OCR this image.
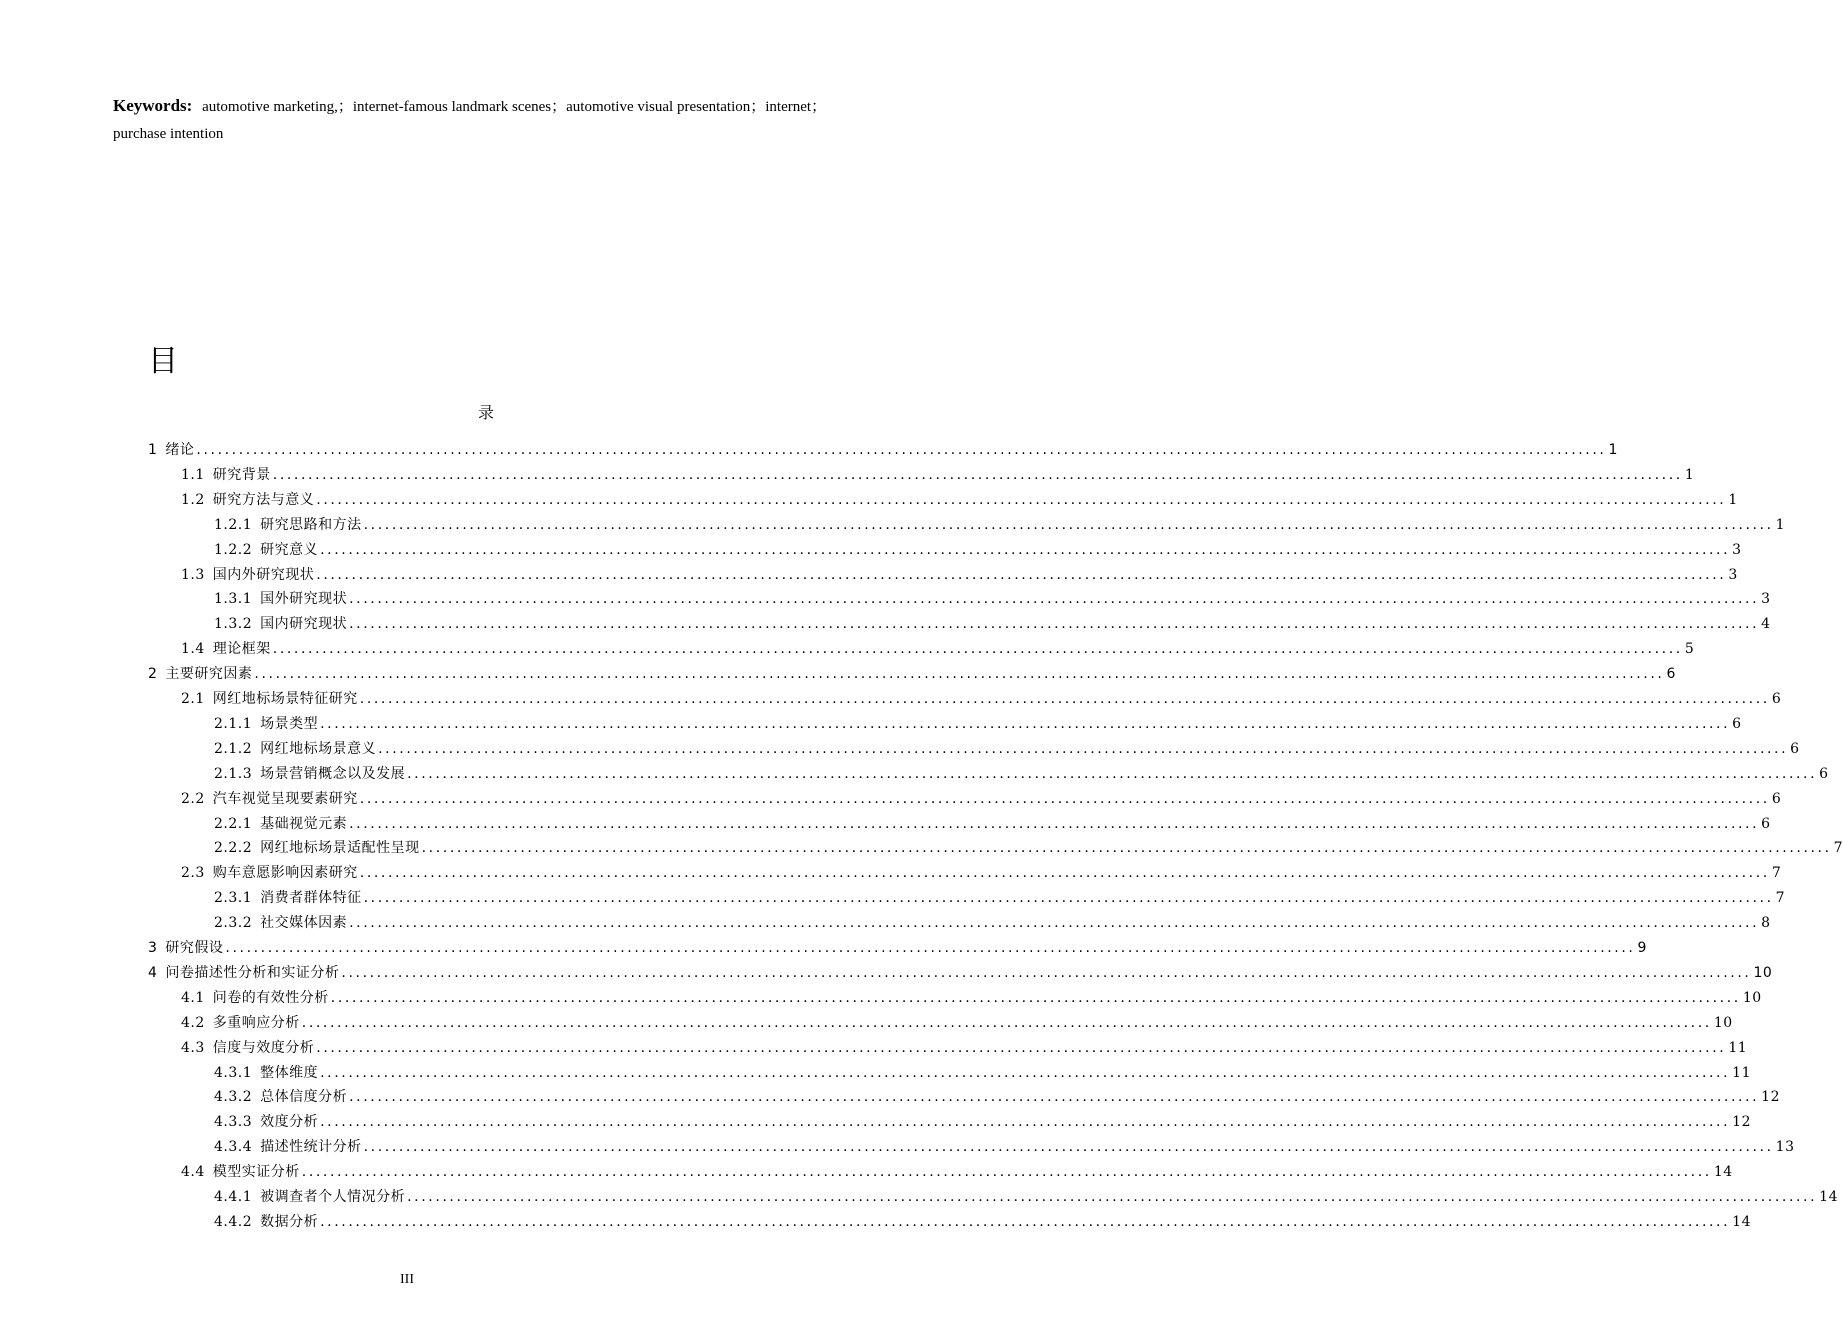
Keywords: automotive marketing,；internet-famous landmark scenes；automotive visual presentation；internet；purchase intention
目
录
1 绪论 ........................................................................................................................................................................................................ 1
1.1 研究背景 ........................................................................................................................................................................................................ 1
1.2 研究方法与意义 ........................................................................................................................................................................................................ 1
1.2.1 研究思路和方法 ........................................................................................................................................................................................................ 1
1.2.2 研究意义 ........................................................................................................................................................................................................ 3
1.3 国内外研究现状 ........................................................................................................................................................................................................ 3
1.3.1 国外研究现状 ........................................................................................................................................................................................................ 3
1.3.2 国内研究现状 ........................................................................................................................................................................................................ 4
1.4 理论框架 ........................................................................................................................................................................................................ 5
2 主要研究因素 ........................................................................................................................................................................................................ 6
2.1 网红地标场景特征研究 ........................................................................................................................................................................................................ 6
2.1.1 场景类型 ........................................................................................................................................................................................................ 6
2.1.2 网红地标场景意义 ........................................................................................................................................................................................................ 6
2.1.3 场景营销概念以及发展 ........................................................................................................................................................................................................ 6
2.2 汽车视觉呈现要素研究 ........................................................................................................................................................................................................ 6
2.2.1 基础视觉元素 ........................................................................................................................................................................................................ 6
2.2.2 网红地标场景适配性呈现 ........................................................................................................................................................................................................ 7
2.3 购车意愿影响因素研究 ........................................................................................................................................................................................................ 7
2.3.1 消费者群体特征 ........................................................................................................................................................................................................ 7
2.3.2 社交媒体因素 ........................................................................................................................................................................................................ 8
3 研究假设 ........................................................................................................................................................................................................ 9
4 问卷描述性分析和实证分析 ........................................................................................................................................................................................................ 10
4.1 问卷的有效性分析 ........................................................................................................................................................................................................ 10
4.2 多重响应分析 ........................................................................................................................................................................................................ 10
4.3 信度与效度分析 ........................................................................................................................................................................................................ 11
4.3.1 整体维度 ........................................................................................................................................................................................................ 11
4.3.2 总体信度分析 ........................................................................................................................................................................................................ 12
4.3.3 效度分析 ........................................................................................................................................................................................................ 12
4.3.4 描述性统计分析 ........................................................................................................................................................................................................ 13
4.4 模型实证分析 ........................................................................................................................................................................................................ 14
4.4.1 被调查者个人情况分析 ........................................................................................................................................................................................................ 14
4.4.2 数据分析 ........................................................................................................................................................................................................ 14
III
